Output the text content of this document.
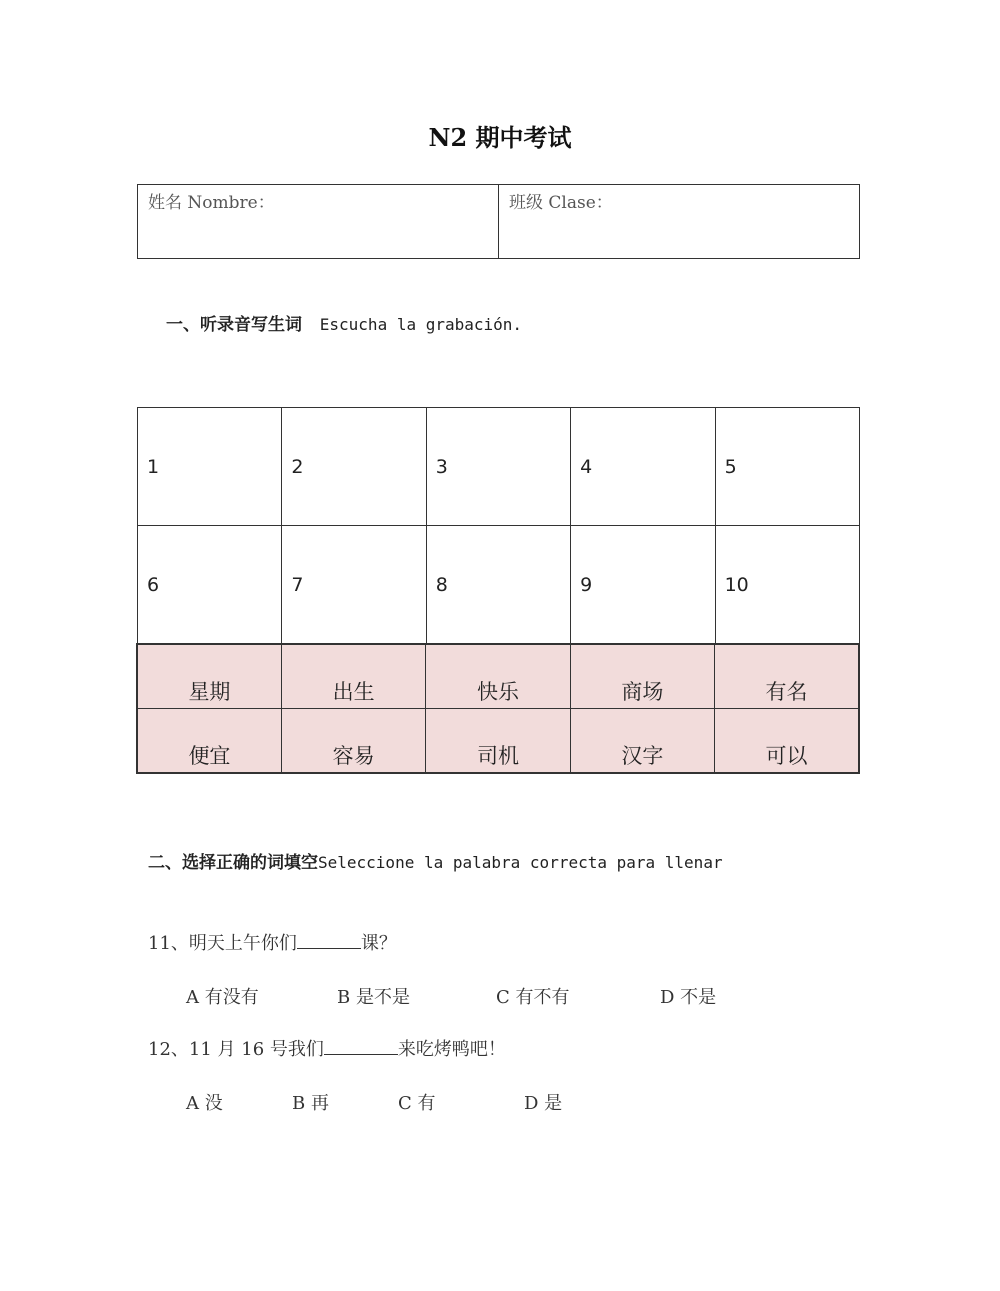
N2 期中考试
姓名 Nombre：	班级 Clase：
一、听录音写生词 Escucha la grabación.
1	2	3	4	5
6	7	8	9	10
星期	出生	快乐	商场	有名
便宜	容易	司机	汉字	可以
二、选择正确的词填空Seleccione la palabra correcta para llenar
11、明天上午你们	课？
A 有没有	B 是不是	C 有不有	D 不是
12、11 月 16 号我们	来吃烤鸭吧！
A 没	B 再	C 有	D 是
